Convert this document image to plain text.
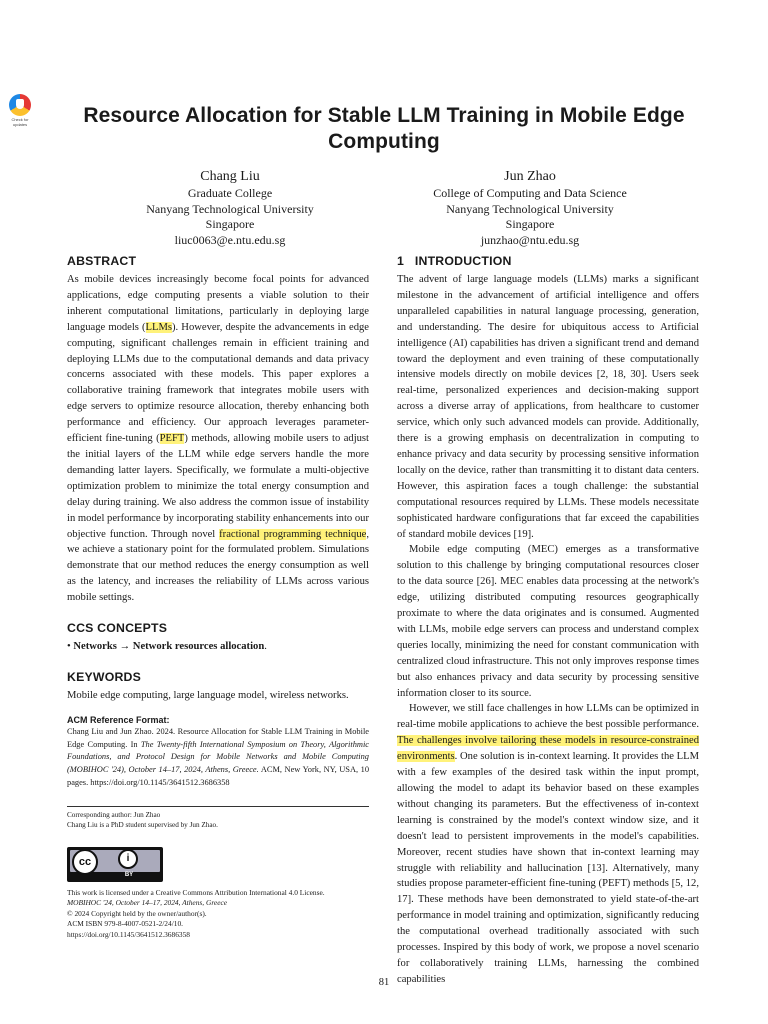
Check for
updates	Resource Allocation for Stable LLM Training in Mobile Edge Computing
Chang Liu
Graduate College
Nanyang Technological University
Singapore
liuc0063@e.ntu.edu.sg
Jun Zhao
College of Computing and Data Science
Nanyang Technological University
Singapore
junzhao@ntu.edu.sg
ABSTRACT

As mobile devices increasingly become focal points for advanced applications, edge computing presents a viable solution to their inherent computational limitations, particularly in deploying large language models (LLMs). However, despite the advancements in edge computing, significant challenges remain in efficient training and deploying LLMs due to the computational demands and data privacy concerns associated with these models. This paper explores a collaborative training framework that integrates mobile users with edge servers to optimize resource allocation, thereby enhancing both performance and efficiency. Our approach leverages parameter-efficient fine-tuning (PEFT) methods, allowing mobile users to adjust the initial layers of the LLM while edge servers handle the more demanding latter layers. Specifically, we formulate a multi-objective optimization problem to minimize the total energy consumption and delay during training. We also address the common issue of instability in model performance by incorporating stability enhancements into our objective function. Through novel fractional programming technique, we achieve a stationary point for the formulated problem. Simulations demonstrate that our method reduces the energy consumption as well as the latency, and increases the reliability of LLMs across various mobile settings.

CCS CONCEPTS

• Networks → Network resources allocation.

KEYWORDS

Mobile edge computing, large language model, wireless networks.

ACM Reference Format:

Chang Liu and Jun Zhao. 2024. Resource Allocation for Stable LLM Training in Mobile Edge Computing. In The Twenty-fifth International Symposium on Theory, Algorithmic Foundations, and Protocol Design for Mobile Networks and Mobile Computing (MOBIHOC '24), October 14–17, 2024, Athens, Greece. ACM, New York, NY, USA, 10 pages. https://doi.org/10.1145/3641512.3686358

Corresponding author: Jun Zhao
Chang Liu is a PhD student supervised by Jun Zhao.
cc	i
BY
This work is licensed under a Creative Commons Attribution International 4.0 License.
MOBIHOC '24, October 14–17, 2024, Athens, Greece
© 2024 Copyright held by the owner/author(s).
ACM ISBN 979-8-4007-0521-2/24/10.
https://doi.org/10.1145/3641512.3686358
1   INTRODUCTION

The advent of large language models (LLMs) marks a significant milestone in the advancement of artificial intelligence and offers unparalleled capabilities in natural language processing, generation, and understanding. The desire for ubiquitous access to Artificial intelligence (AI) capabilities has driven a significant trend and demand toward the deployment and even training of these computationally intensive models directly on mobile devices [2, 18, 30]. Users seek real-time, personalized experiences and decision-making support across a diverse array of applications, from healthcare to customer service, which only such advanced models can provide. Additionally, there is a growing emphasis on decentralization in computing to enhance privacy and data security by processing sensitive information locally on the device, rather than transmitting it to distant data centers. However, this aspiration faces a tough challenge: the substantial computational resources required by LLMs. These models necessitate sophisticated hardware configurations that far exceed the capabilities of standard mobile devices [19].

Mobile edge computing (MEC) emerges as a transformative solution to this challenge by bringing computational resources closer to the data source [26]. MEC enables data processing at the network's edge, utilizing distributed computing resources geographically proximate to where the data originates and is consumed. Augmented with LLMs, mobile edge servers can process and understand complex queries locally, minimizing the need for constant communication with centralized cloud infrastructure. This not only improves response times but also enhances privacy and data security by processing sensitive information closer to its source.

However, we still face challenges in how LLMs can be optimized in real-time mobile applications to achieve the best possible performance. The challenges involve tailoring these models in resource-constrained environments. One solution is in-context learning. It provides the LLM with a few examples of the desired task within the input prompt, allowing the model to adapt its behavior based on these examples without changing its parameters. But the effectiveness of in-context learning is constrained by the model's context window size, and it doesn't lead to persistent improvements in the model's capabilities. Moreover, recent studies have shown that in-context learning may struggle with reliability and hallucination [13]. Alternatively, many studies propose parameter-efficient fine-tuning (PEFT) methods [5, 12, 17]. These methods have been demonstrated to yield state-of-the-art performance in model training and optimization, significantly reducing the computational overhead traditionally associated with such processes. Inspired by this body of work, we propose a novel scenario for collaboratively training LLMs, harnessing the combined capabilities

81
